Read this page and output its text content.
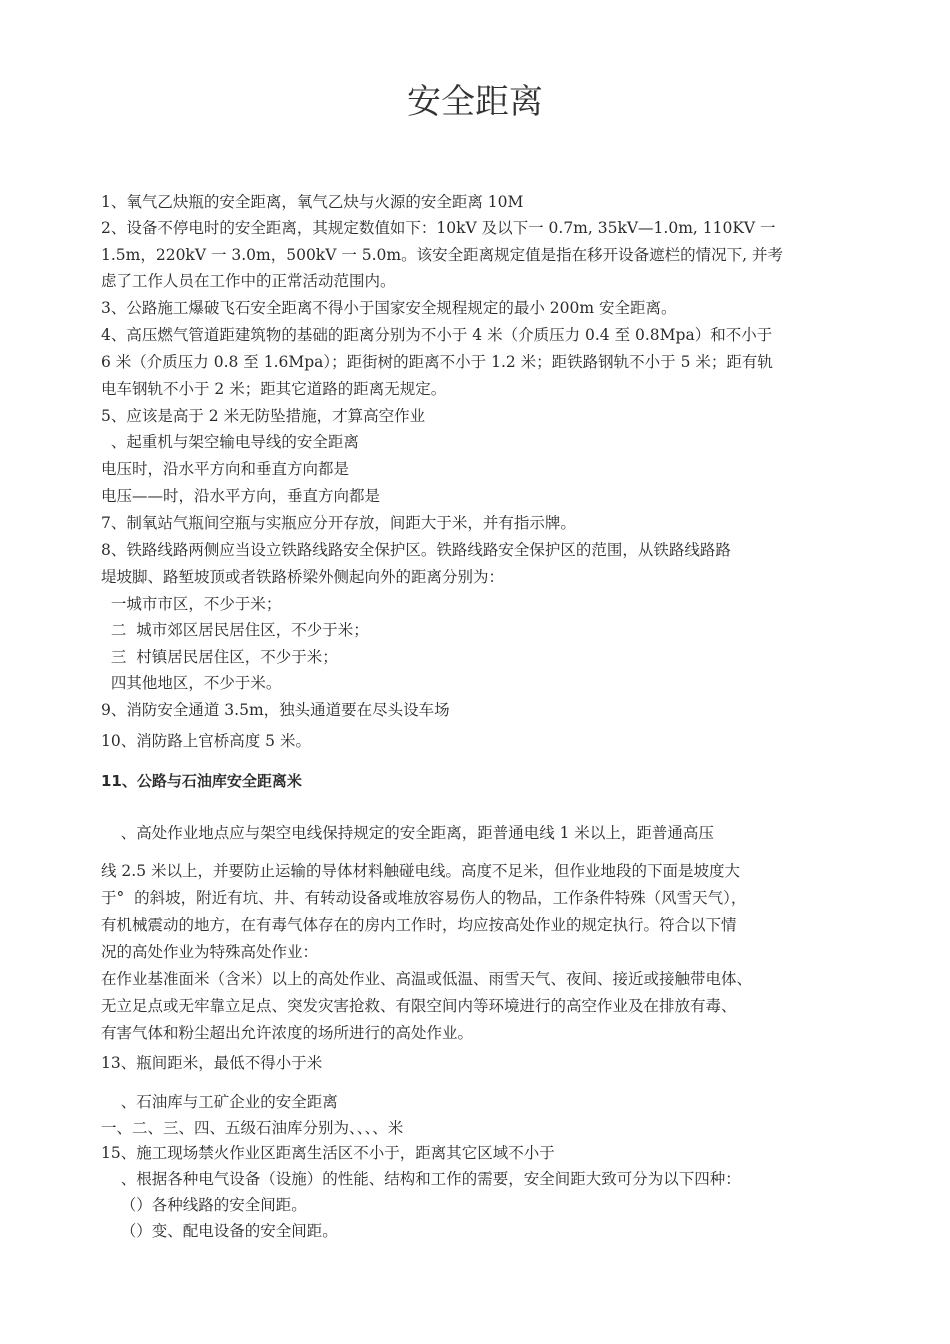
安全距离
1、氧气乙炔瓶的安全距离，氧气乙炔与火源的安全距离 10M
2、设备不停电时的安全距离，其规定数值如下：10kV 及以下一 0.7m, 35kV—1.0m, 110KV 一
1.5m，220kV 一 3.0m，500kV 一 5.0m。该安全距离规定值是指在移开设备遮栏的情况下, 并考
虑了工作人员在工作中的正常活动范围内。
3、公路施工爆破飞石安全距离不得小于国家安全规程规定的最小 200m 安全距离。
4、高压燃气管道距建筑物的基础的距离分别为不小于 4 米（介质压力 0.4 至 0.8Mpa）和不小于
6 米（介质压力 0.8 至 1.6Mpa）；距街树的距离不小于 1.2 米；距铁路钢轨不小于 5 米；距有轨
电车钢轨不小于 2 米；距其它道路的距离无规定。
5、应该是高于 2 米无防坠措施，才算高空作业
、起重机与架空输电导线的安全距离
电压时，沿水平方向和垂直方向都是
电压——时，沿水平方向，垂直方向都是
7、制氧站气瓶间空瓶与实瓶应分开存放，间距大于米，并有指示牌。
8、铁路线路两侧应当设立铁路线路安全保护区。铁路线路安全保护区的范围，从铁路线路路
堤坡脚、路堑坡顶或者铁路桥梁外侧起向外的距离分别为：
一城市市区，不少于米；
二  城市郊区居民居住区，不少于米；
三  村镇居民居住区，不少于米；
四其他地区，不少于米。
9、消防安全通道 3.5m，独头通道要在尽头设车场
10、消防路上官桥高度 5 米。
11、公路与石油库安全距离米
、高处作业地点应与架空电线保持规定的安全距离，距普通电线 1 米以上，距普通高压
线 2.5 米以上，并要防止运输的导体材料触碰电线。高度不足米，但作业地段的下面是坡度大
于°  的斜坡，附近有坑、井、有转动设备或堆放容易伤人的物品，工作条件特殊（风雪天气），
有机械震动的地方，在有毒气体存在的房内工作时，均应按高处作业的规定执行。符合以下情
况的高处作业为特殊高处作业：
在作业基准面米（含米）以上的高处作业、高温或低温、雨雪天气、夜间、接近或接触带电体、
无立足点或无牢靠立足点、突发灾害抢救、有限空间内等环境进行的高空作业及在排放有毒、
有害气体和粉尘超出允许浓度的场所进行的高处作业。
13、瓶间距米，最低不得小于米
、石油库与工矿企业的安全距离
一、二、三、四、五级石油库分别为、、、、米
15、施工现场禁火作业区距离生活区不小于，距离其它区域不小于
、根据各种电气设备（设施）的性能、结构和工作的需要，安全间距大致可分为以下四种：
（）各种线路的安全间距。
（）变、配电设备的安全间距。
